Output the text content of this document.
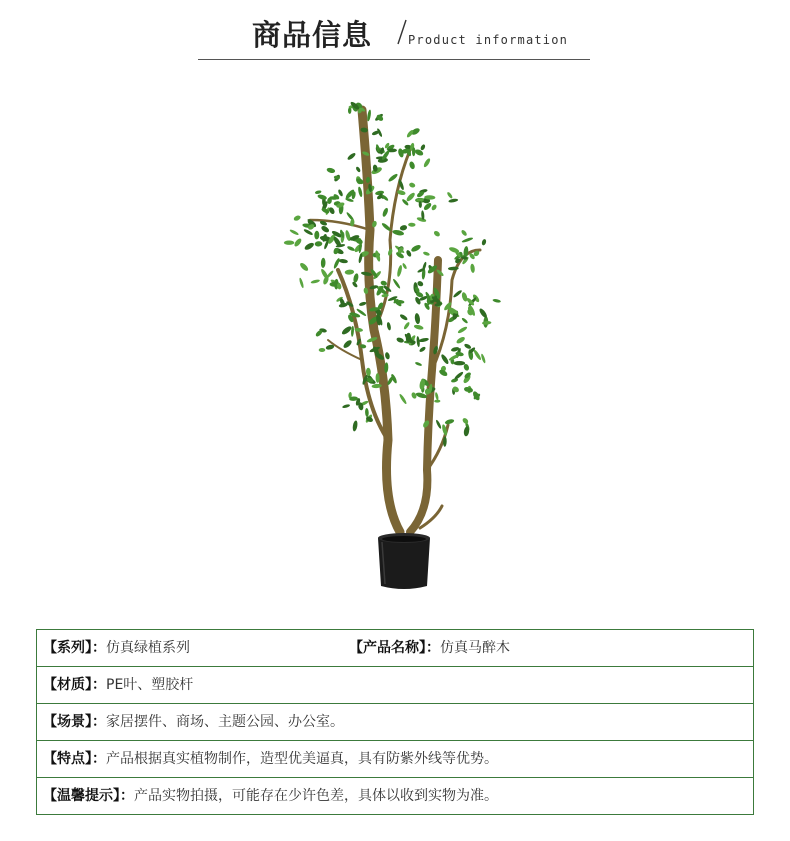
商品信息	Product information
【系列】：仿真绿植系列	【产品名称】：仿真马醉木
【材质】：PE叶、塑胶杆
【场景】：家居摆件、商场、主题公园、办公室。
【特点】：产品根据真实植物制作，造型优美逼真，具有防紫外线等优势。
【温馨提示】：产品实物拍摄，可能存在少许色差，具体以收到实物为准。
